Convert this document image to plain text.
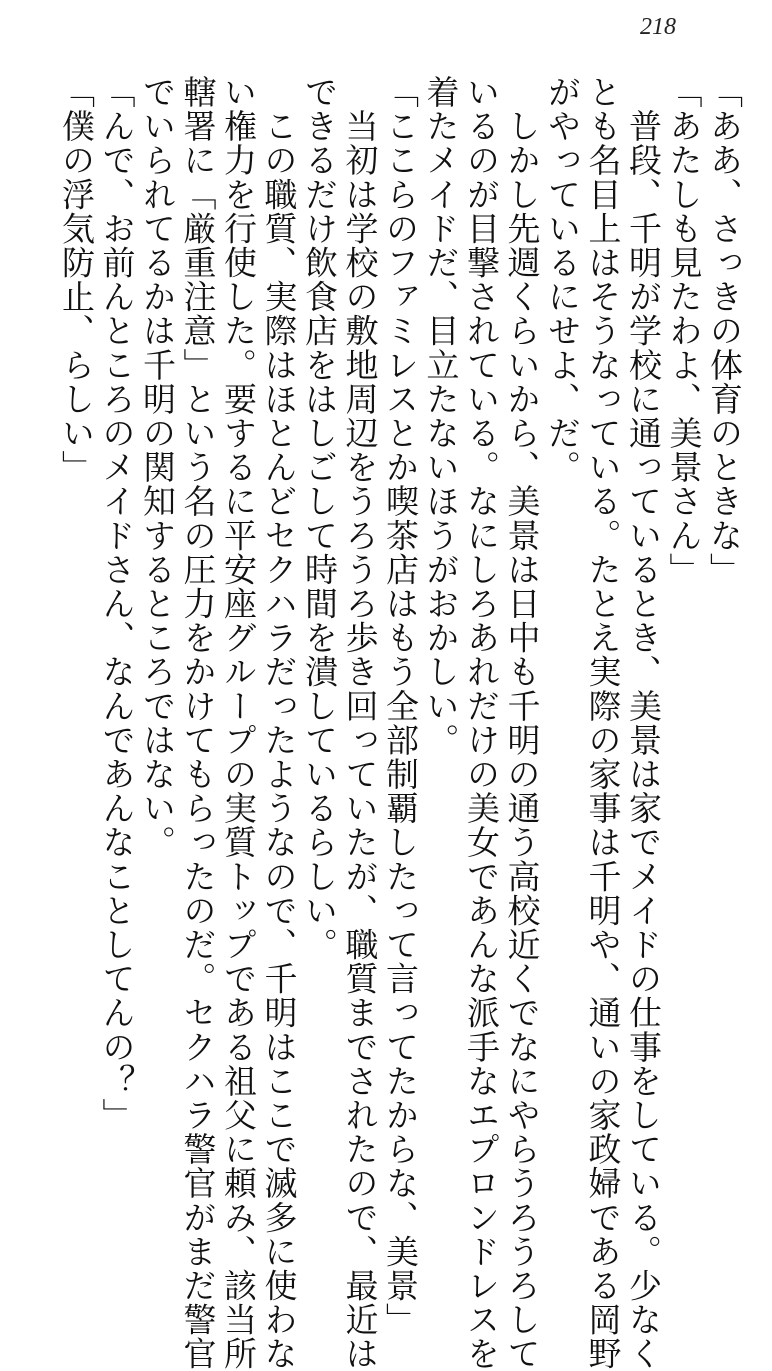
218
「ああ、さっきの体育のときな」
「あたしも見たわよ、美景さん」
　普段、千明が学校に通っているとき、美景は家でメイドの仕事をしている。少なく
とも名目上はそうなっている。たとえ実際の家事は千明や、通いの家政婦である岡野
がやっているにせよ、だ。
　しかし先週くらいから、美景は日中も千明の通う高校近くでなにやらうろうろして
いるのが目撃されている。なにしろあれだけの美女であんな派手なエプロンドレスを
着たメイドだ、目立たないほうがおかしい。
「ここらのファミレスとか喫茶店はもう全部制覇したって言ってたからな、美景」
　当初は学校の敷地周辺をうろうろ歩き回っていたが、職質までされたので、最近は
できるだけ飲食店をはしごして時間を潰しているらしい。
　この職質、実際はほとんどセクハラだったようなので、千明はここで滅多に使わな
い権力を行使した。要するに平安座グループの実質トップである祖父に頼み、該当所
轄署に「厳重注意」という名の圧力をかけてもらったのだ。セクハラ警官がまだ警官
でいられてるかは千明の関知するところではない。
「んで、お前んところのメイドさん、なんであんなことしてんの？」
「僕の浮気防止、らしい」
